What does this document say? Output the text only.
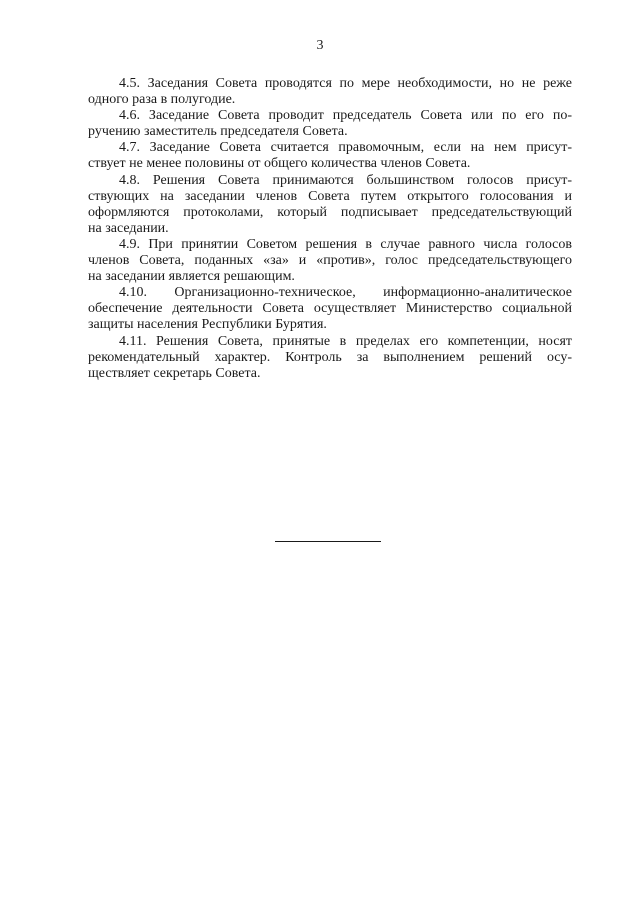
3

4.5. Заседания Совета проводятся по мере необходимости, но не реже
одного раза в полугодие.

4.6. Заседание Совета проводит председатель Совета или по его по-
ручению заместитель председателя Совета.

4.7. Заседание Совета считается правомочным, если на нем присут-
ствует не менее половины от общего количества членов Совета.

4.8. Решения Совета принимаются большинством голосов присут-
ствующих на заседании членов Совета путем открытого голосования и
оформляются протоколами, который подписывает председательствующий
на заседании.

4.9. При принятии Советом решения в случае равного числа голосов
членов Совета, поданных «за» и «против», голос председательствующего
на заседании является решающим.

4.10. Организационно-техническое, информационно-аналитическое
обеспечение деятельности Совета осуществляет Министерство социальной
защиты населения Республики Бурятия.

4.11. Решения Совета, принятые в пределах его компетенции, носят
рекомендательный характер. Контроль за выполнением решений осу-
ществляет секретарь Совета.
